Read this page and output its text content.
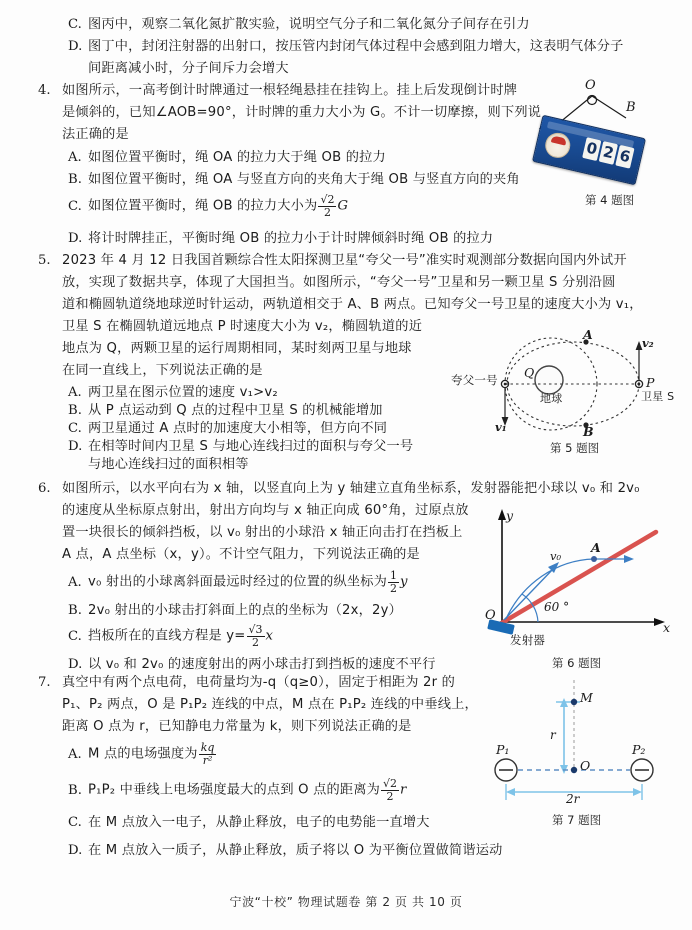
C. 图丙中，观察二氧化氮扩散实验，说明空气分子和二氧化氮分子间存在引力
D. 图丁中，封闭注射器的出射口，按压管内封闭气体过程中会感到阻力增大，这表明气体分子
间距离减小时，分子间斥力会增大
4. 如图所示，一高考倒计时牌通过一根轻绳悬挂在挂钩上。挂上后发现倒计时牌
是倾斜的，已知∠AOB=90°，计时牌的重力大小为 G。不计一切摩擦，则下列说
法正确的是
A. 如图位置平衡时，绳 OA 的拉力大于绳 OB 的拉力
B. 如图位置平衡时，绳 OA 与竖直方向的夹角大于绳 OB 与竖直方向的夹角
C. 如图位置平衡时，绳 OB 的拉力大小为 $\frac{√2}{2}$ G
D. 将计时牌挂正，平衡时绳 OB 的拉力小于计时牌倾斜时绳 OB 的拉力
O
B
0 2 6
第 4 题图
5. 2023 年 4 月 12 日我国首颗综合性太阳探测卫星“夸父一号”准实时观测部分数据向国内外试开
放，实现了数据共享，体现了大国担当。如图所示，“夸父一号”卫星和另一颗卫星 S 分别沿圆
道和椭圆轨道绕地球逆时针运动，两轨道相交于 A、B 两点。已知夸父一号卫星的速度大小为 v₁，
卫星 S 在椭圆轨道远地点 P 时速度大小为 v₂，椭圆轨道的近
地点为 Q，两颗卫星的运行周期相同，某时刻两卫星与地球
在同一直线上，下列说法正确的是
A. 两卫星在图示位置的速度 v₁>v₂
B. 从 P 点运动到 Q 点的过程中卫星 S 的机械能增加
C. 两卫星通过 A 点时的加速度大小相等，但方向不同
D. 在相等时间内卫星 S 与地心连线扫过的面积与夸父一号
与地心连线扫过的面积相等
夸父一号 Q
P
A
B
地球	卫星 S
v₁
v₂
第 5 题图
6. 如图所示，以水平向右为 x 轴，以竖直向上为 y 轴建立直角坐标系，发射器能把小球以 v₀ 和 2v₀
的速度从坐标原点射出，射出方向均与 x 轴正向成 60°角，过原点放
置一块很长的倾斜挡板，以 v₀ 射出的小球沿 x 轴正向击打在挡板上
A 点，A 点坐标（x，y）。不计空气阻力，下列说法正确的是
A. v₀ 射出的小球离斜面最远时经过的位置的纵坐标为 $\frac{1}{2}$ y
B. 2v₀ 射出的小球击打斜面上的点的坐标为（2x，2y）
C. 挡板所在的直线方程是 $y= \frac{√3}{2}$ x
D. 以 v₀ 和 2v₀ 的速度射出的两小球击打到挡板的速度不平行
y
x
O
v₀
A
60 °
发射器
第 6 题图
7. 真空中有两个点电荷，电荷量均为-q（q≥0），固定于相距为 2r 的
P₁、P₂ 两点，O 是 P₁P₂ 连线的中点，M 点在 P₁P₂ 连线的中垂线上，
距离 O 点为 r，已知静电力常量为 k，则下列说法正确的是
A. M 点的电场强度为 $\frac{kq}{\text{r²}}$
B. P₁P₂ 中垂线上电场强度最大的点到 O 点的距离为 $\frac{√2}{2}$ r
C. 在 M 点放入一电子，从静止释放，电子的电势能一直增大
D. 在 M 点放入一质子，从静止释放，质子将以 O 为平衡位置做简谐运动
M
O
r
2r
P₁	P₂
第 7 题图
宁波“十校” 物理试题卷 第 2 页 共 10 页
